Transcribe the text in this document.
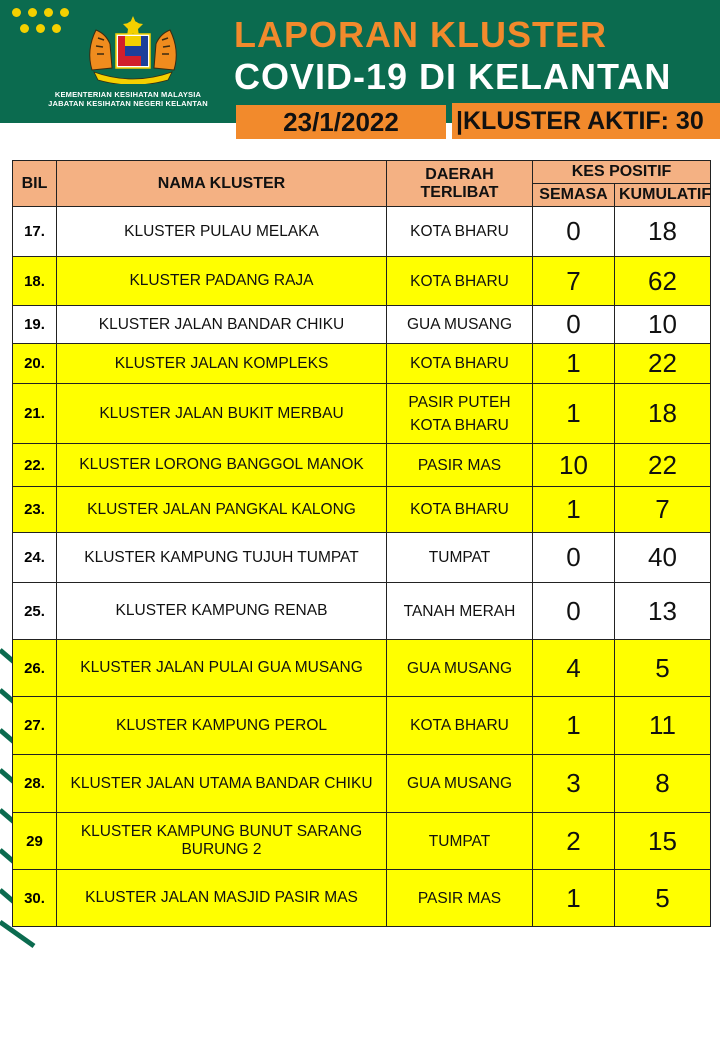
KEMENTERIAN KESIHATAN MALAYSIA
JABATAN KESIHATAN NEGERI KELANTAN
LAPORAN KLUSTER
COVID-19 DI KELANTAN
23/1/2022	|KLUSTER AKTIF: 30
BIL	NAMA KLUSTER	DAERAH
TERLIBAT	KES POSITIF	
			SEMASA	KUMULATIF
17.	KLUSTER PULAU MELAKA	KOTA BHARU	0	18
18.	KLUSTER PADANG RAJA	KOTA BHARU	7	62
19.	KLUSTER JALAN BANDAR CHIKU	GUA MUSANG	0	10
20.	KLUSTER JALAN KOMPLEKS	KOTA BHARU	1	22
21.	KLUSTER JALAN BUKIT MERBAU	PASIR PUTEH
KOTA BHARU	1	18
22.	KLUSTER LORONG BANGGOL MANOK	PASIR MAS	10	22
23.	KLUSTER JALAN PANGKAL KALONG	KOTA BHARU	1	7
24.	KLUSTER KAMPUNG TUJUH TUMPAT	TUMPAT	0	40
25.	KLUSTER KAMPUNG RENAB	TANAH MERAH	0	13
26.	KLUSTER JALAN PULAI GUA MUSANG	GUA MUSANG	4	5
27.	KLUSTER KAMPUNG PEROL	KOTA BHARU	1	11
28.	KLUSTER JALAN UTAMA BANDAR CHIKU	GUA MUSANG	3	8
29	KLUSTER KAMPUNG BUNUT SARANG
BURUNG 2	TUMPAT	2	15
30.	KLUSTER JALAN MASJID PASIR MAS	PASIR MAS	1	5
